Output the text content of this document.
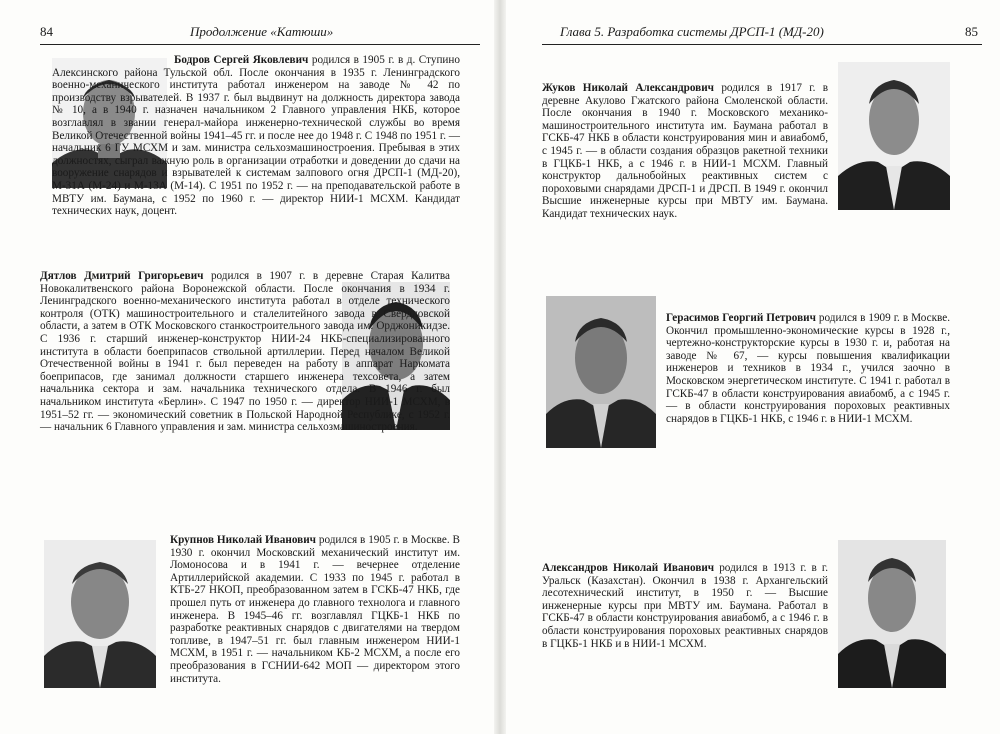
84	Продолжение «Катюши»

Бодров Сергей Яковлевич родился в 1905 г. в д. Ступино Алексинского района Тульской обл. После окончания в 1935 г. Ленинградского военно-механического института работал инженером на заводе № 42 по производству взрывателей. В 1937 г. был выдвинут на должность директора завода № 10, а в 1940 г. назначен начальником 2 Главного управления НКБ, которое возглавлял в звании генерал-майора инженерно-технической службы во время Великой Отечественной войны 1941–45 гг. и после нее до 1948 г. С 1948 по 1951 г. — начальник 6 ГУ МСХМ и зам. министра сельхозмашиностроения. Пребывая в этих должностях, сыграл важную роль в организации отработки и доведении до сдачи на вооружение снарядов и взрывателей к системам залпового огня ДРСП-1 (МД-20), М-31А (М-24) и М-13А (М-14). С 1951 по 1952 г. — на преподавательской работе в МВТУ им. Баумана, с 1952 по 1960 г. — директор НИИ-1 МСХМ. Кандидат технических наук, доцент.

Дятлов Дмитрий Григорьевич родился в 1907 г. в деревне Старая Калитва Новокалитвенского района Воронежской области. После окончания в 1934 г. Ленинградского военно-механического института работал в отделе технического контроля (ОТК) машиностроительного и сталелитейного завода в Свердловской области, а затем в ОТК Московского станкостроительного завода им. Орджоникидзе. С 1936 г. старший инженер-конструктор НИИ-24 НКБ-специализированного института в области боеприпасов ствольной артиллерии. Перед началом Великой Отечественной войны в 1941 г. был переведен на работу в аппарат Наркомата боеприпасов, где занимал должности старшего инженера техсовета, а затем начальника сектора и зам. начальника технического отдела. В 1946 г. был начальником института «Берлин». С 1947 по 1950 г. — директор НИИ-1 МСХМ, в 1951–52 гг. — экономический советник в Польской Народной Республике, с 1952 г. — начальник 6 Главного управления и зам. министра сельхозмашиностроения.

Крупнов Николай Иванович родился в 1905 г. в Москве. В 1930 г. окончил Московский механический институт им. Ломоносова и в 1941 г. — вечернее отделение Артиллерийской академии. С 1933 по 1945 г. работал в КТБ-27 НКОП, преобразованном затем в ГСКБ-47 НКБ, где прошел путь от инженера до главного технолога и главного инженера. В 1945–46 гг. возглавлял ГЦКБ-1 НКБ по разработке реактивных снарядов с двигателями на твердом топливе, в 1947–51 гг. был главным инженером НИИ-1 МСХМ, в 1951 г. — начальником КБ-2 МСХМ, а после его преобразования в ГСНИИ-642 МОП — директором этого института.

Глава 5. Разработка системы ДРСП-1 (МД-20)	85

Жуков Николай Александрович родился в 1917 г. в деревне Акулово Гжатского района Смоленской области. После окончания в 1940 г. Московского механико-машиностроительного института им. Баумана работал в ГСКБ-47 НКБ в области конструирования мин и авиабомб, с 1945 г. — в области создания образцов ракетной техники в ГЦКБ-1 НКБ, а с 1946 г. в НИИ-1 МСХМ. Главный конструктор дальнобойных реактивных систем с пороховыми снарядами ДРСП-1 и ДРСП. В 1949 г. окончил Высшие инженерные курсы при МВТУ им. Баумана. Кандидат технических наук.

Герасимов Георгий Петрович родился в 1909 г. в Москве. Окончил промышленно-экономические курсы в 1928 г., чертежно-конструкторские курсы в 1930 г. и, работая на заводе № 67, — курсы повышения квалификации инженеров и техников в 1934 г., учился заочно в Московском энергетическом институте. С 1941 г. работал в ГСКБ-47 в области конструирования авиабомб, а с 1945 г. — в области конструирования пороховых реактивных снарядов в ГЦКБ-1 НКБ, с 1946 г. в НИИ-1 МСХМ.

Александров Николай Иванович родился в 1913 г. в г. Уральск (Казахстан). Окончил в 1938 г. Архангельский лесотехнический институт, в 1950 г. — Высшие инженерные курсы при МВТУ им. Баумана. Работал в ГСКБ-47 в области конструирования авиабомб, а с 1946 г. в области конструирования пороховых реактивных снарядов в ГЦКБ-1 НКБ и в НИИ-1 МСХМ.
